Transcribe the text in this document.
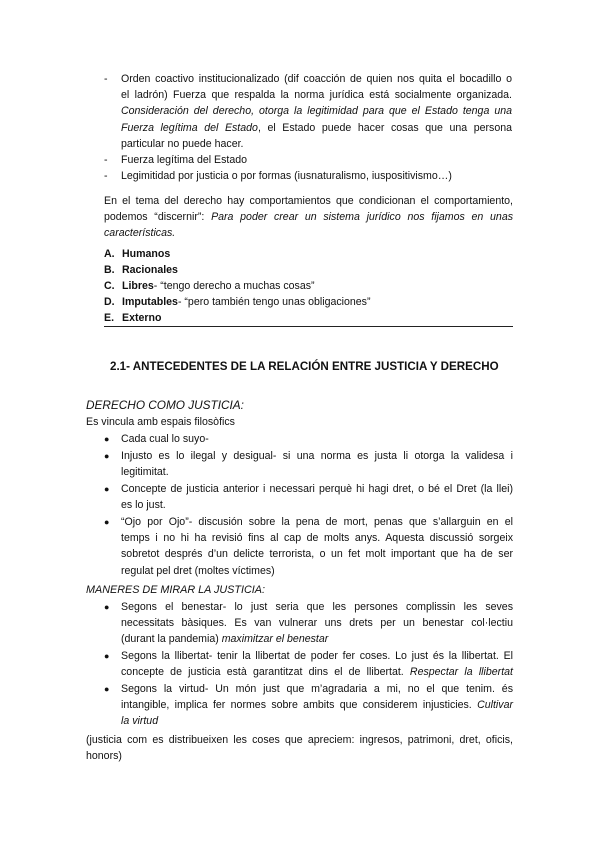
- Orden coactivo institucionalizado (dif coacción de quien nos quita el bocadillo o
el ladrón) Fuerza que respalda la norma jurídica está socialmente organizada.
Consideración del derecho, otorga la legitimidad para que el Estado tenga una
Fuerza legítima del Estado, el Estado puede hacer cosas que una persona
particular no puede hacer.
- Fuerza legítima del Estado
- Legimitidad por justicia o por formas (iusnaturalismo, iuspositivismo…)
En el tema del derecho hay comportamientos que condicionan el comportamiento,
podemos “discernir”: Para poder crear un sistema jurídico nos fijamos en unas
características.
A. Humanos
B. Racionales
C. Libres- “tengo derecho a muchas cosas”
D. Imputables- “pero también tengo unas obligaciones”
E. Externo
2.1- ANTECEDENTES DE LA RELACIÓN ENTRE JUSTICIA Y DERECHO
DERECHO COMO JUSTICIA:
Es vincula amb espais filosòfics
● Cada cual lo suyo-
● Injusto es lo ilegal y desigual- si una norma es justa li otorga la validesa i
legitimitat.
● Concepte de justicia anterior i necessari perquè hi hagi dret, o bé el Dret (la llei)
es lo just.
● “Ojo por Ojo”- discusión sobre la pena de mort, penas que s’allarguin en el
temps i no hi ha revisió fins al cap de molts anys. Aquesta discussió sorgeix
sobretot després d’un delicte terrorista, o un fet molt important que ha de ser
regulat pel dret (moltes víctimes)
MANERES DE MIRAR LA JUSTICIA:
● Segons el benestar- lo just seria que les persones complissin les seves
necessitats bàsiques. Es van vulnerar uns drets per un benestar col·lectiu
(durant la pandemia) maximitzar el benestar
● Segons la llibertat- tenir la llibertat de poder fer coses. Lo just és la llibertat. El
concepte de justicia està garantitzat dins el de llibertat. Respectar la llibertat
● Segons la virtud- Un món just que m’agradaria a mi, no el que tenim. és
intangible, implica fer normes sobre ambits que considerem injusticies. Cultivar
la virtud
(justicia com es distribueixen les coses que apreciem: ingresos, patrimoni, dret, oficis,
honors)
